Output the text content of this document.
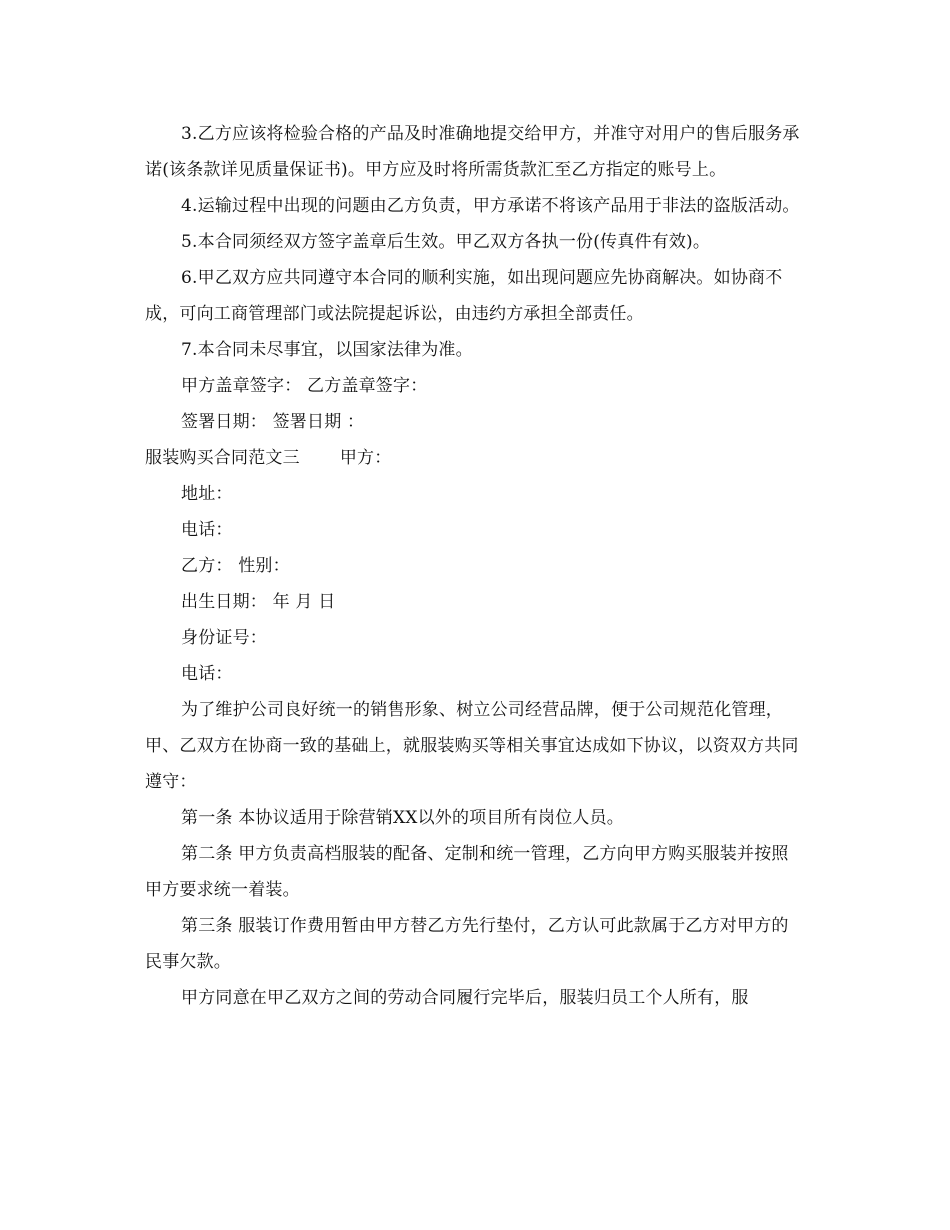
3.乙方应该将检验合格的产品及时准确地提交给甲方，并准守对用户的售后服务承诺(该条款详见质量保证书)。甲方应及时将所需货款汇至乙方指定的账号上。

4.运输过程中出现的问题由乙方负责，甲方承诺不将该产品用于非法的盗版活动。

5.本合同须经双方签字盖章后生效。甲乙双方各执一份(传真件有效)。

6.甲乙双方应共同遵守本合同的顺利实施，如出现问题应先协商解决。如协商不成，可向工商管理部门或法院提起诉讼，由违约方承担全部责任。

7.本合同未尽事宜，以国家法律为准。

甲方盖章签字： 乙方盖章签字：

签署日期： 签署日期 ：

服装购买合同范文三 甲方：

地址：

电话：

乙方： 性别：

出生日期： 年 月 日

身份证号：

电话：

为了维护公司良好统一的销售形象、树立公司经营品牌，便于公司规范化管理，甲、乙双方在协商一致的基础上，就服装购买等相关事宜达成如下协议，以资双方共同遵守：

第一条 本协议适用于除营销XX以外的项目所有岗位人员。

第二条 甲方负责高档服装的配备、定制和统一管理，乙方向甲方购买服装并按照甲方要求统一着装。

第三条 服装订作费用暂由甲方替乙方先行垫付，乙方认可此款属于乙方对甲方的民事欠款。

甲方同意在甲乙双方之间的劳动合同履行完毕后，服装归员工个人所有，服
